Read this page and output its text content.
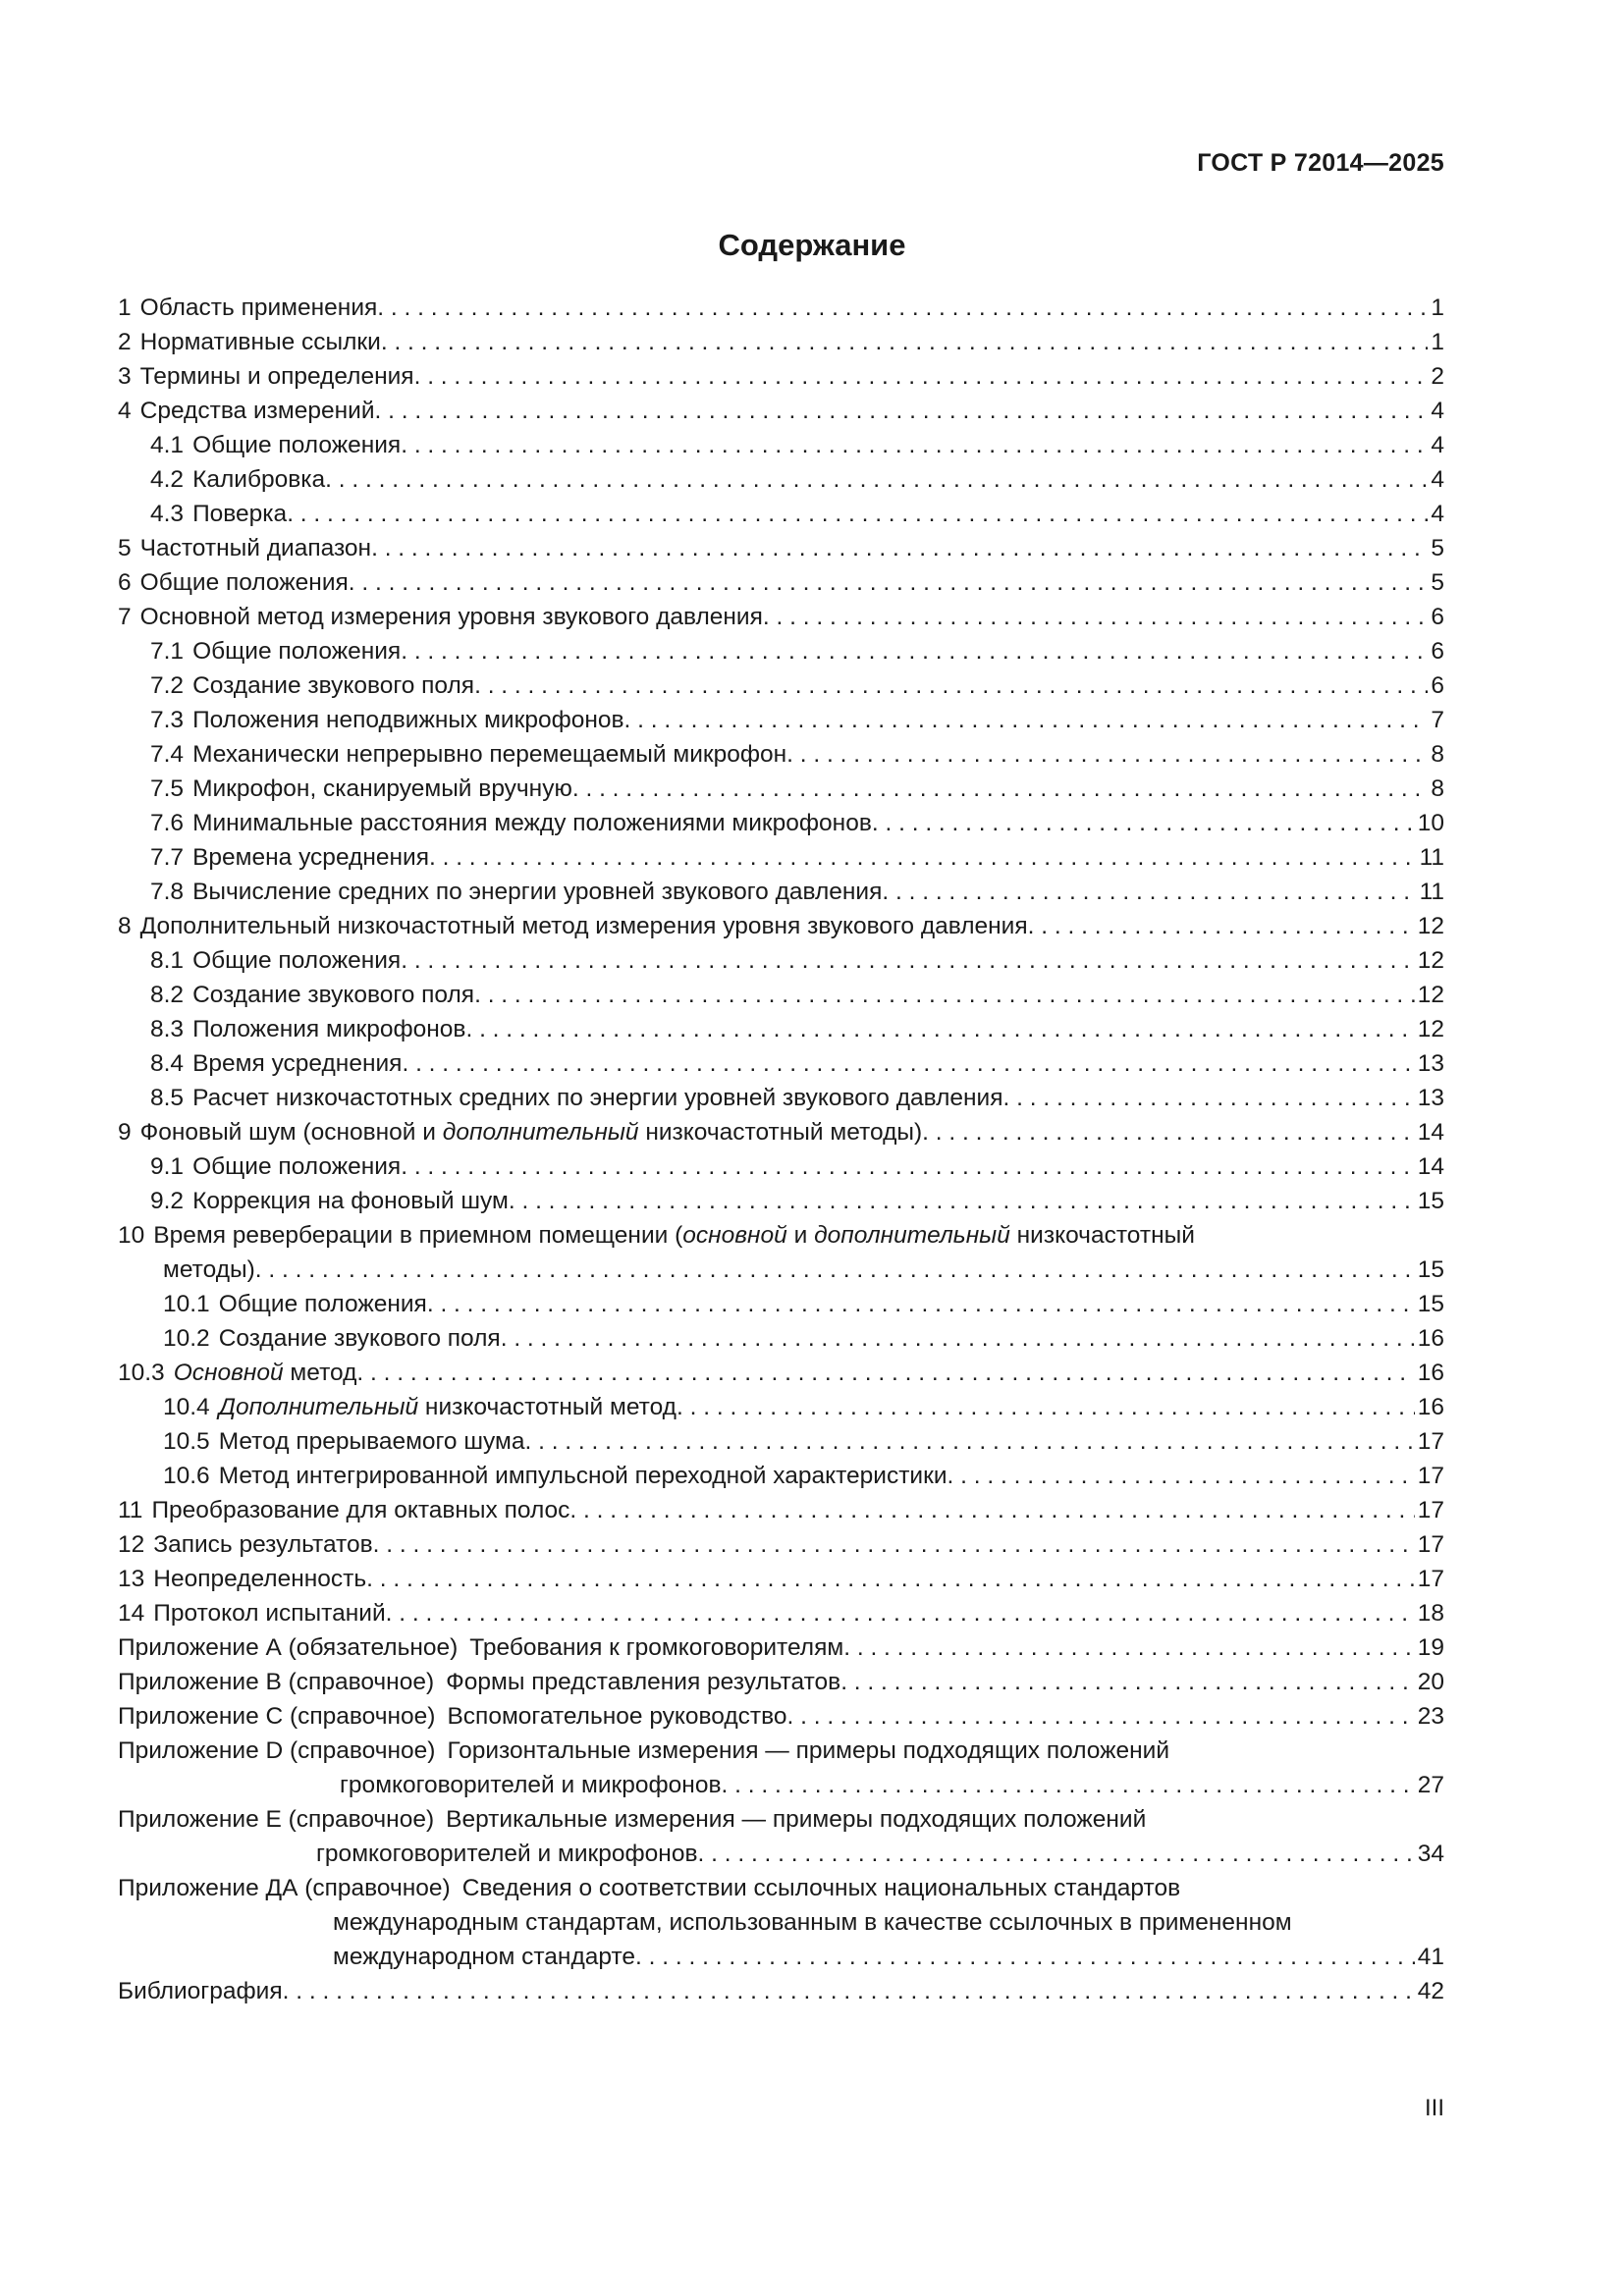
ГОСТ Р 72014—2025
Содержание
1 Область применения . . .	1
2 Нормативные ссылки . . .	1
3 Термины и определения . . .	2
4 Средства измерений . . .	4
4.1 Общие положения . . .	4
4.2 Калибровка . . .	4
4.3 Поверка . . .	4
5 Частотный диапазон . . .	5
6 Общие положения . . .	5
7 Основной метод измерения уровня звукового давления . . .	6
7.1 Общие положения . . .	6
7.2 Создание звукового поля . . .	6
7.3 Положения неподвижных микрофонов . . .	7
7.4 Механически непрерывно перемещаемый микрофон . . .	8
7.5 Микрофон, сканируемый вручную . . .	8
7.6 Минимальные расстояния между положениями микрофонов . . .	10
7.7 Времена усреднения . . .	11
7.8 Вычисление средних по энергии уровней звукового давления . . .	11
8 Дополнительный низкочастотный метод измерения уровня звукового давления . . .	12
8.1 Общие положения . . .	12
8.2 Создание звукового поля . . .	12
8.3 Положения микрофонов . . .	12
8.4 Время усреднения . . .	13
8.5 Расчет низкочастотных средних по энергии уровней звукового давления . . .	13
9 Фоновый шум (основной и дополнительный низкочастотный методы) . . .	14
9.1 Общие положения . . .	14
9.2 Коррекция на фоновый шум . . .	15
10 Время реверберации в приемном помещении (основной и дополнительный низкочастотный
методы) . . .	15
10.1 Общие положения . . .	15
10.2 Создание звукового поля . . .	16
10.3 Основной метод . . .	16
10.4 Дополнительный низкочастотный метод . . .	16
10.5 Метод прерываемого шума . . .	17
10.6 Метод интегрированной импульсной переходной характеристики . . .	17
11 Преобразование для октавных полос . . .	17
12 Запись результатов . . .	17
13 Неопределенность . . .	17
14 Протокол испытаний . . .	18
Приложение А (обязательное) Требования к громкоговорителям . . .	19
Приложение В (справочное) Формы представления результатов . . .	20
Приложение С (справочное) Вспомогательное руководство . . .	23
Приложение D (справочное) Горизонтальные измерения — примеры подходящих положений
громкоговорителей и микрофонов . . .	27
Приложение Е (справочное) Вертикальные измерения — примеры подходящих положений
громкоговорителей и микрофонов . . .	34
Приложение ДА (справочное) Сведения о соответствии ссылочных национальных стандартов
международным стандартам, использованным в качестве ссылочных в примененном
международном стандарте . . .	41
Библиография . . .	42
III
